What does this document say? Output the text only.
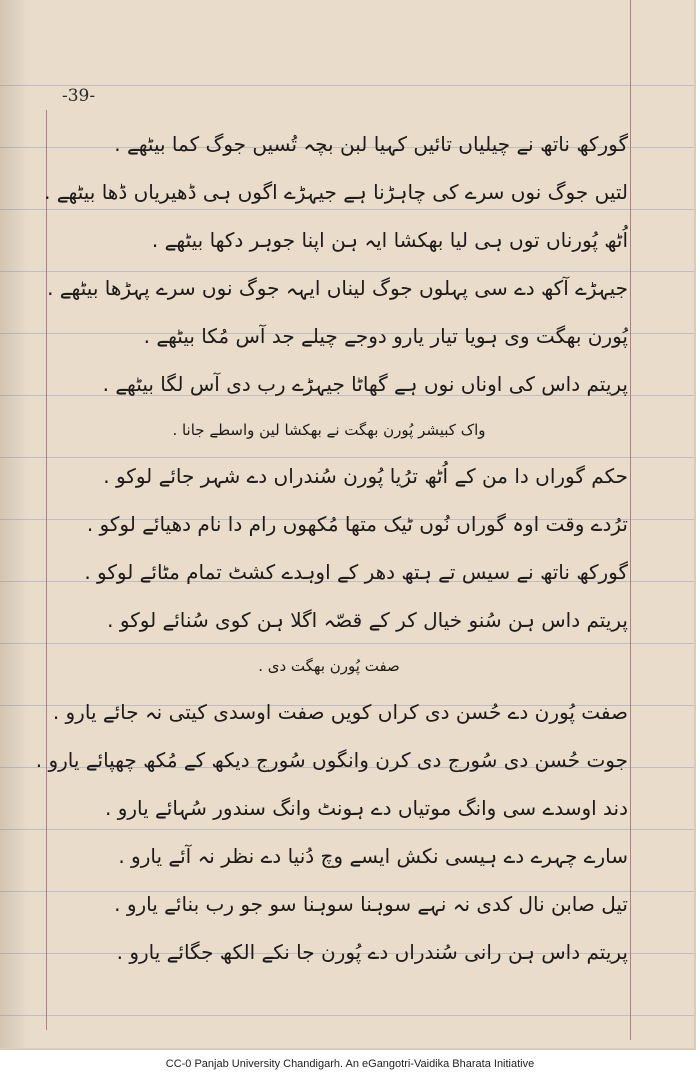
-39-
گورکھ ناتھ نے چیلیاں تائیں کہیا لبن بچہ تُسیں جوگ کما بیٹھے .
لتیں جوگ نوں سرے کی چاہڑنا ہے جیہڑے اگوں ہی ڈھیریاں ڈھا بیٹھے .
اُٹھ پُورناں توں ہی لیا بھکشا ایہ ہن اپنا جوہر دکھا بیٹھے .
جیہڑے آکھ دے سی پہلوں جوگ لیناں ایہہ جوگ نوں سرے پہڑھا بیٹھے .
پُورن بھگت وی ہویا تیار یارو دوجے چیلے جد آس مُکا بیٹھے .
پریتم داس کی اوناں نوں ہے گھاٹا جیہڑے رب دی آس لگا بیٹھے .
واک کبیشر پُورن بھگت نے بھکشا لین واسطے جانا .
حکم گوراں دا من کے اُٹھ ترُیا پُورن سُندراں دے شہر جائے لوکو .
ترُدے وقت اوہ گوراں نُوں ٹیک متھا مُکھوں رام دا نام دھیائے لوکو .
گورکھ ناتھ نے سیس تے ہتھ دھر کے اوہدے کشٹ تمام مٹائے لوکو .
پریتم داس ہن سُنو خیال کر کے قصّہ اگلا ہن کوی سُنائے لوکو .
صفت پُورن بھگت دی .
صفت پُورن دے حُسن دی کراں کویں صفت اوسدی کیتی نہ جائے یارو .
جوت حُسن دی سُورج دی کرن وانگوں سُورج دیکھ کے مُکھ چھپائے یارو .
دند اوسدے سی وانگ موتیاں دے ہونٹ وانگ سندور سُہائے یارو .
سارے چہرے دے ہیسی نکش ایسے وچ دُنیا دے نظر نہ آئے یارو .
تیل صابن نال کدی نہ نہے سوہنا سوہنا سو جو رب بنائے یارو .
پریتم داس ہن رانی سُندراں دے پُورن جا نکے الکھ جگائے یارو .
CC-0 Panjab University Chandigarh. An eGangotri-Vaidika Bharata Initiative
